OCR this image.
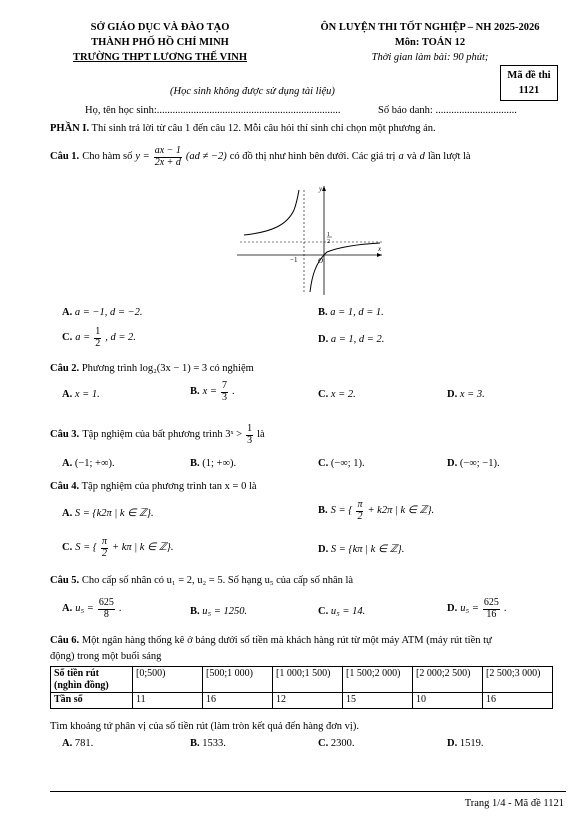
SỞ GIÁO DỤC VÀ ĐÀO TẠO
THÀNH PHỐ HỒ CHÍ MINH
TRƯỜNG THPT LƯƠNG THẾ VINH
ÔN LUYỆN THI TỐT NGHIỆP – NH 2025-2026
Môn: TOÁN 12
Thời gian làm bài: 90 phút;
Mã đề thi
1121
(Học sinh không được sử dụng tài liệu)
Họ, tên học sinh:......................................................................	Số báo danh: ...............................
PHẦN I. Thí sinh trả lời từ câu 1 đến câu 12. Mỗi câu hỏi thí sinh chỉ chọn một phương án.
Câu 1. Cho hàm số $y = \frac{ax - 1}{2x + d} (ad \ne -2)$ có đồ thị như hình bên dưới. Các giá trị a và d lần lượt là
y
x
−1
1
2
O
A. a = −1, d = −2.	B. a = 1, d = 1.
C. $a = \frac{1}{2}$ , d = 2.	D. a = 1, d = 2.
Câu 2. Phương trình log₂(3x − 1) = 3 có nghiệm
A. x = 1.	B. $x = \frac{7}{3}$ .	C. x = 2.	D. x = 3.
Câu 3. Tập nghiệm của bất phương trình 3ˣ > $\frac{1}{3}$ là
A. (−1; +∞).	B. (1; +∞).	C. (−∞; 1).	D. (−∞; −1).
Câu 4. Tập nghiệm của phương trình tan x = 0 là
A. S = {k2π | k ∈ ℤ}.	B. S = { $\frac{\pi}{2} + k2\pi$ | k ∈ ℤ}.
C. S = { $\frac{\pi}{2} + k\pi$ | k ∈ ℤ}.	D. S = {kπ | k ∈ ℤ}.
Câu 5. Cho cấp số nhân có u₁ = 2, u₂ = 5. Số hạng u₅ của cấp số nhân là
A. $u_5 = \frac{625}{8}$ .	B. u₅ = 1250.	C. u₅ = 14.	D. $u_5 = \frac{625}{16}$ .
Câu 6. Một ngân hàng thống kê ở bảng dưới số tiền mà khách hàng rút từ một máy ATM (máy rút tiền tự
động) trong một buổi sáng
Số tiền rút
(nghìn đồng)	[0;500)	[500;1 000)	[1 000;1 500)	[1 500;2 000)	[2 000;2 500)	[2 500;3 000)
Tần số	11	16	12	15	10	16
Tìm khoảng tứ phân vị của số tiền rút (làm tròn kết quả đến hàng đơn vị).
A. 781.	B. 1533.	C. 2300.	D. 1519.
Trang 1/4 - Mã đề 1121
